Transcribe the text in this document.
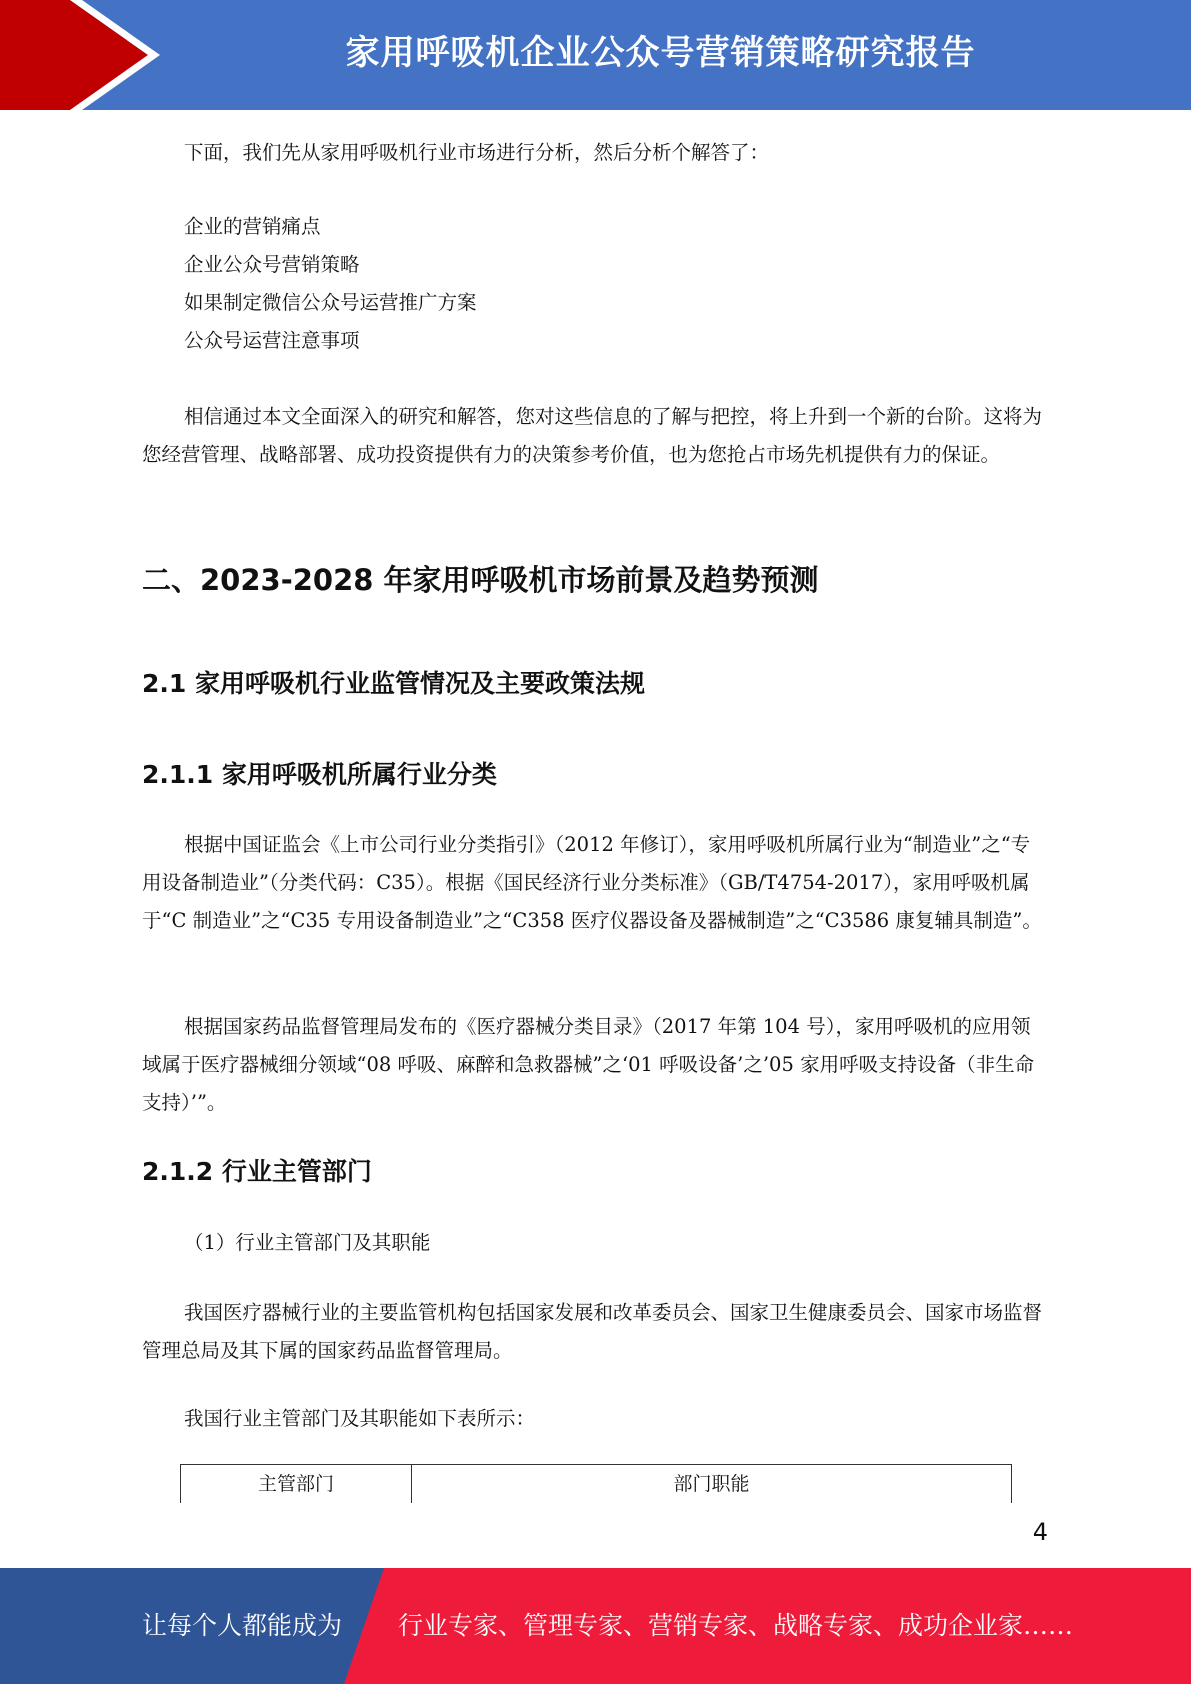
家用呼吸机企业公众号营销策略研究报告

下面，我们先从家用呼吸机行业市场进行分析，然后分析个解答了：

企业的营销痛点
企业公众号营销策略
如果制定微信公众号运营推广方案
公众号运营注意事项

相信通过本文全面深入的研究和解答，您对这些信息的了解与把控，将上升到一个新的台阶。这将为您经营管理、战略部署、成功投资提供有力的决策参考价值，也为您抢占市场先机提供有力的保证。

二、2023-2028 年家用呼吸机市场前景及趋势预测
2.1 家用呼吸机行业监管情况及主要政策法规
2.1.1 家用呼吸机所属行业分类

根据中国证监会《上市公司行业分类指引》（2012 年修订），家用呼吸机所属行业为“制造业”之“专用设备制造业”（分类代码：C35）。根据《国民经济行业分类标准》（GB/T4754-2017），家用呼吸机属于“C 制造业”之“C35 专用设备制造业”之“C358 医疗仪器设备及器械制造”之“C3586 康复辅具制造”。

根据国家药品监督管理局发布的《医疗器械分类目录》（2017 年第 104 号），家用呼吸机的应用领域属于医疗器械细分领域“08 呼吸、麻醉和急救器械”之‘01 呼吸设备’之’05 家用呼吸支持设备（非生命支持）’”。

2.1.2 行业主管部门
（1）行业主管部门及其职能

我国医疗器械行业的主要监管机构包括国家发展和改革委员会、国家卫生健康委员会、国家市场监督管理总局及其下属的国家药品监督管理局。

我国行业主管部门及其职能如下表所示：

主管部门	部门职能
4
让每个人都能成为 行业专家、管理专家、营销专家、战略专家、成功企业家……
